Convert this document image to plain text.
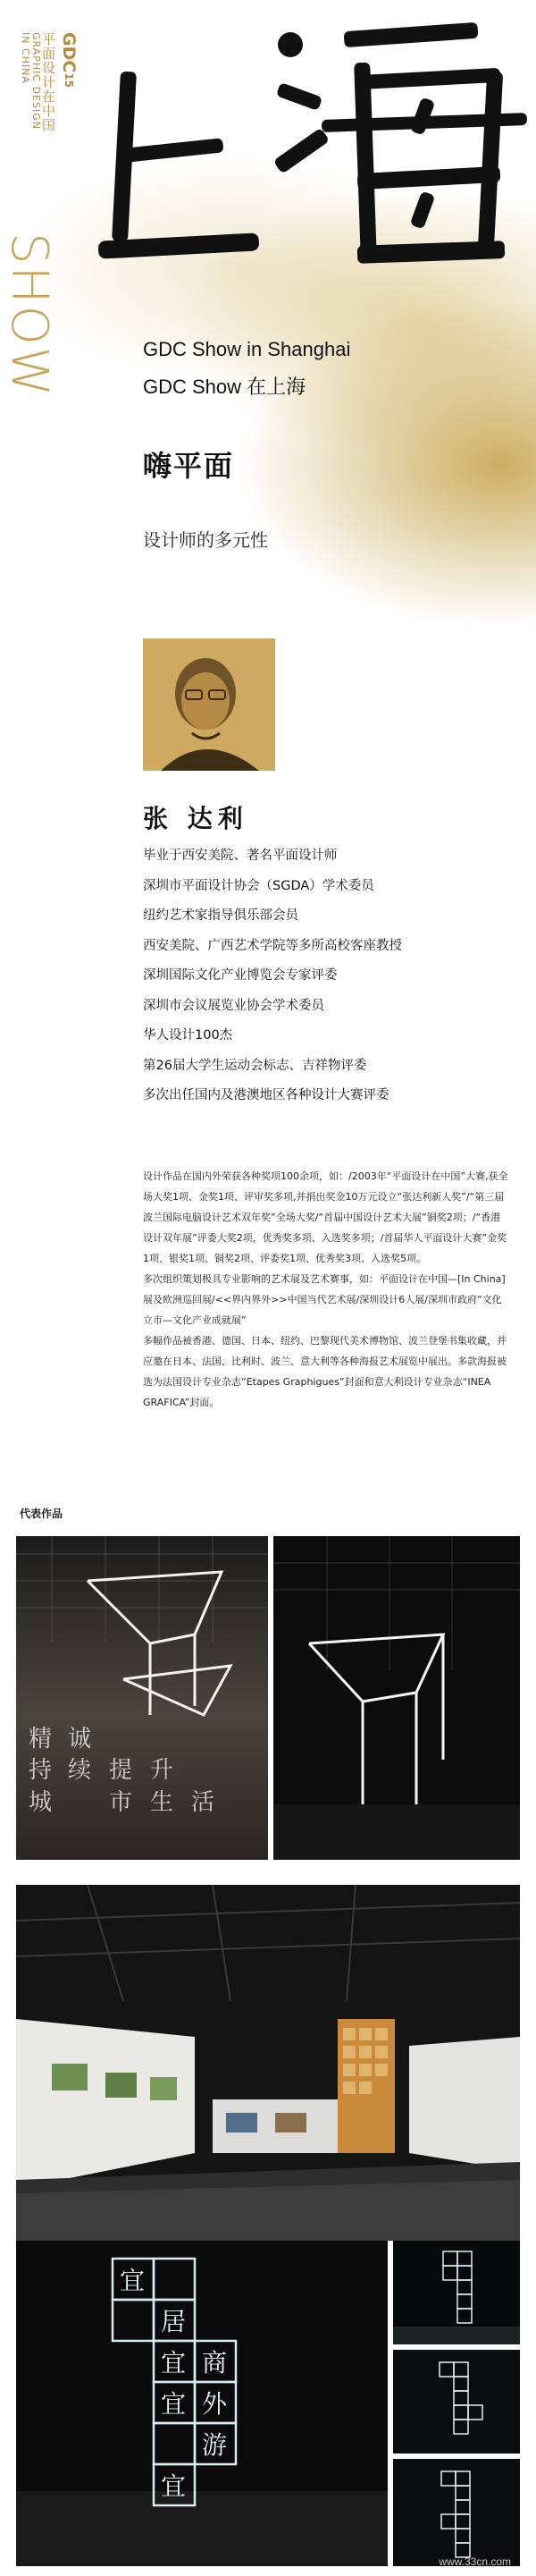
GDC15
平面设计在中国
GRAPHIC DESIGN
IN CHINA
SHOW	GDC Show in Shanghai
GDC Show 在上海
嗨平面
设计师的多元性
张 达利
毕业于西安美院、著名平面设计师
深圳市平面设计协会（SGDA）学术委员
纽约艺术家指导俱乐部会员
西安美院、广西艺术学院等多所高校客座教授
深圳国际文化产业博览会专家评委
深圳市会议展览业协会学术委员
华人设计100杰
第26届大学生运动会标志、吉祥物评委
多次出任国内及港澳地区各种设计大赛评委

设计作品在国内外荣获各种奖项100余项，如：/2003年“平面设计在中国”大赛,获全场大奖1项、金奖1项、评审奖多项,并捐出奖金10万元设立“张达利新人奖”/“第三届波兰国际电脑设计艺术双年奖”全场大奖/“首届中国设计艺术大展”铜奖2项；/“香港设计双年展”评委大奖2项，优秀奖多项、入选奖多项；/首届华人平面设计大赛”金奖1项、银奖1项、铜奖2项、评委奖1项、优秀奖3项、入选奖5项。

多次组织策划极具专业影响的艺术展及艺术赛事，如：平面设计在中国—[In China]展及欧洲巡回展/<<界内界外>>中国当代艺术展/深圳设计6人展/深圳市政府“文化立市—文化产业成就展”

多幅作品被香港、德国、日本、纽约、巴黎现代美术博物馆、波兰登堡书集收藏，并应邀在日本、法国、比利时、波兰、意大利等各种海报艺术展览中展出。多款海报被选为法国设计专业杂志“Etapes Graphigues”封面和意大利设计专业杂志“INEA GRAFICA”封面。

代表作品
精 诚
持 续 提 升
城 市 生 活
宜
居
宜 商
宜
游
宜
外
www.33cn.com
